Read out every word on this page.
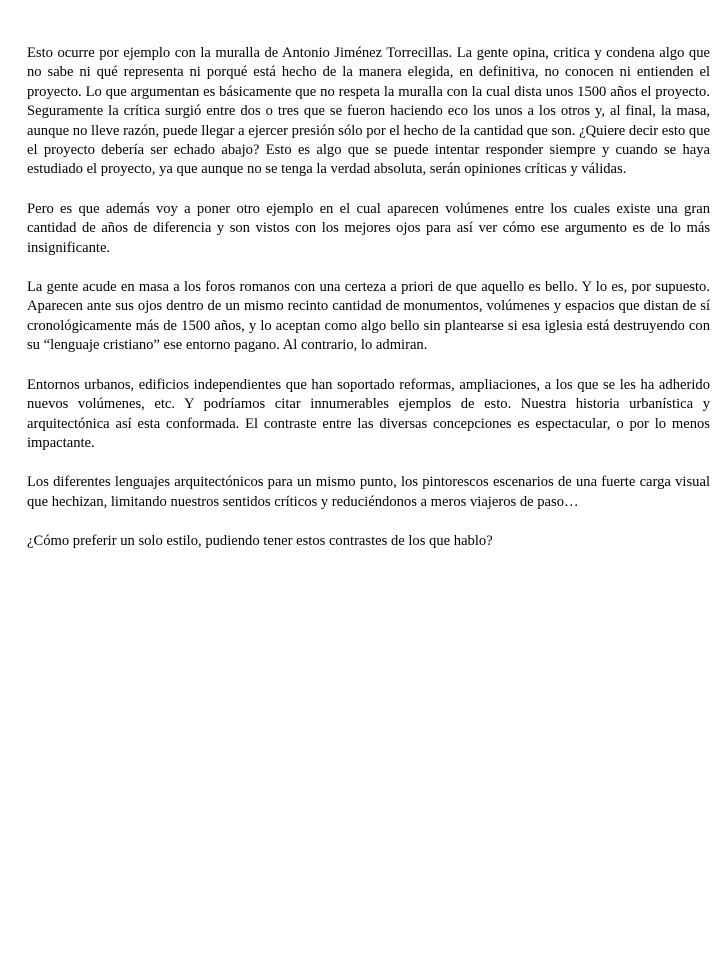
Esto ocurre por ejemplo con la muralla de Antonio Jiménez Torrecillas. La gente opina, critica y condena algo que no sabe ni qué representa ni porqué está hecho de la manera elegida, en definitiva, no conocen ni entienden el proyecto. Lo que argumentan es básicamente que no respeta la muralla con la cual dista unos 1500 años el proyecto. Seguramente la crítica surgió entre dos o tres que se fueron haciendo eco los unos a los otros y, al final, la masa, aunque no lleve razón, puede llegar a ejercer presión sólo por el hecho de la cantidad que son. ¿Quiere decir esto que el proyecto debería ser echado abajo? Esto es algo que se puede intentar responder siempre y cuando se haya estudiado el proyecto, ya que aunque no se tenga la verdad absoluta, serán opiniones críticas y válidas.

Pero es que además voy a poner otro ejemplo en el cual aparecen volúmenes entre los cuales existe una gran cantidad de años de diferencia y son vistos con los mejores ojos para así ver cómo ese argumento es de lo más insignificante.

La gente acude en masa a los foros romanos con una certeza a priori de que aquello es bello. Y lo es, por supuesto. Aparecen ante sus ojos dentro de un mismo recinto cantidad de monumentos, volúmenes y espacios que distan de sí cronológicamente más de 1500 años, y lo aceptan como algo bello sin plantearse si esa iglesia está destruyendo con su “lenguaje cristiano” ese entorno pagano. Al contrario, lo admiran.

Entornos urbanos, edificios independientes que han soportado reformas, ampliaciones, a los que se les ha adherido nuevos volúmenes, etc. Y podríamos citar innumerables ejemplos de esto. Nuestra historia urbanística y arquitectónica así esta conformada. El contraste entre las diversas concepciones es espectacular, o por lo menos impactante.

Los diferentes lenguajes arquitectónicos para un mismo punto, los pintorescos escenarios de una fuerte carga visual que hechizan, limitando nuestros sentidos críticos y reduciéndonos a meros viajeros de paso…

¿Cómo preferir un solo estilo, pudiendo tener estos contrastes de los que hablo?
